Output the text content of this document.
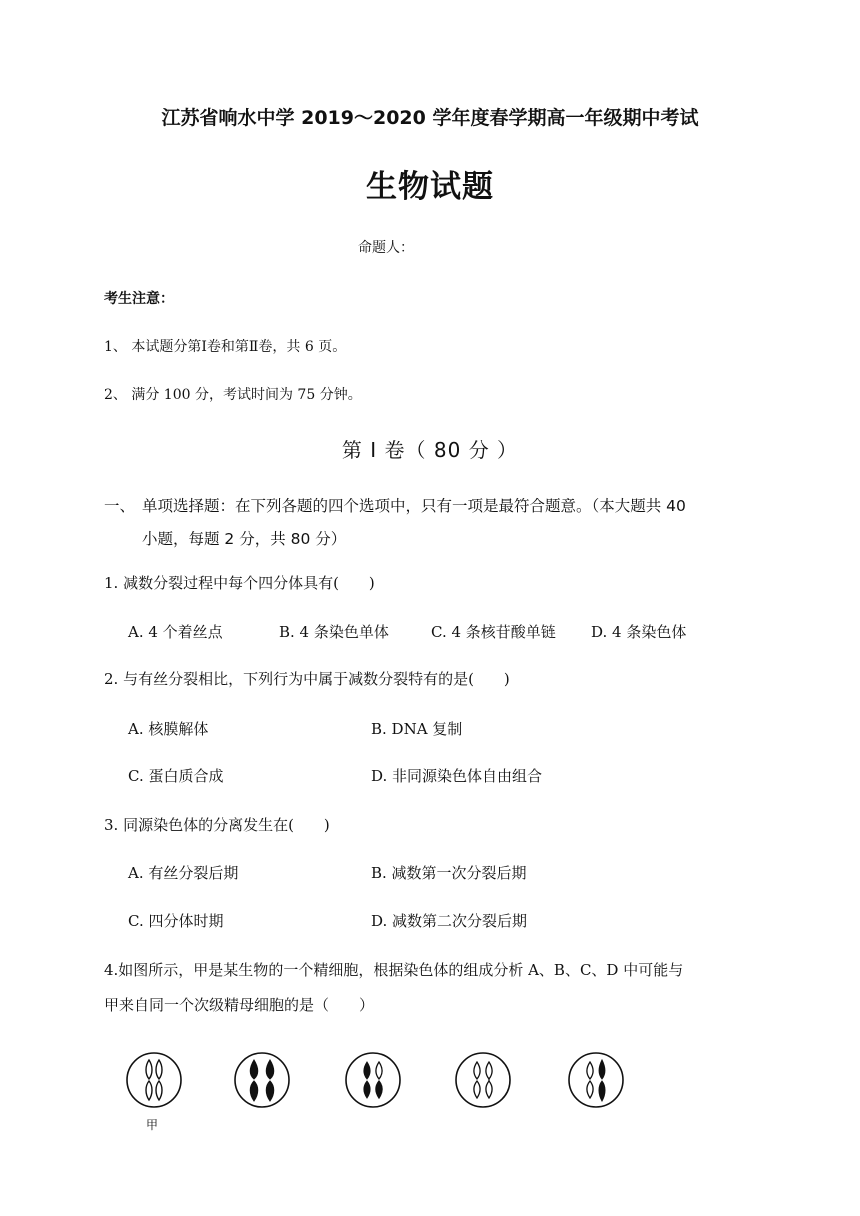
江苏省响水中学 2019～2020 学年度春学期高一年级期中考试
生物试题
命题人：
考生注意：
1、 本试题分第Ⅰ卷和第Ⅱ卷，共 6 页。
2、 满分 100 分，考试时间为 75 分钟。
第 Ⅰ 卷（ 80 分 ）
一、 单项选择题：在下列各题的四个选项中，只有一项是最符合题意。（本大题共 40
小题，每题 2 分，共 80 分）
1. 减数分裂过程中每个四分体具有(　　)
A. 4 个着丝点	B. 4 条染色单体	C. 4 条核苷酸单链 D. 4 条染色体
2. 与有丝分裂相比，下列行为中属于减数分裂特有的是(　　)
A. 核膜解体	B. DNA 复制
C. 蛋白质合成	D. 非同源染色体自由组合
3. 同源染色体的分离发生在(　　)
A. 有丝分裂后期	B. 减数第一次分裂后期
C. 四分体时期	D. 减数第二次分裂后期
4.如图所示，甲是某生物的一个精细胞，根据染色体的组成分析 A、B、C、D 中可能与
甲来自同一个次级精母细胞的是（　　）
甲
